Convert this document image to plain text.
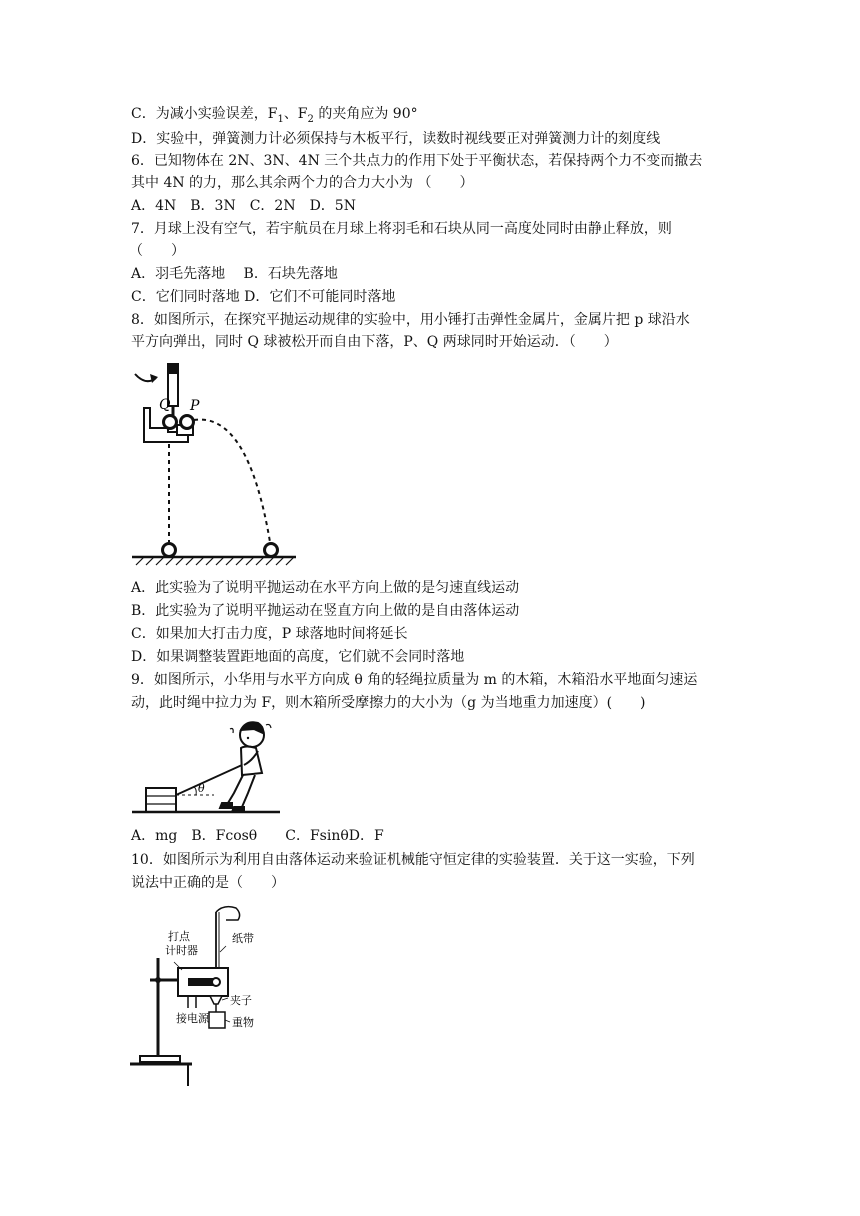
C．为减小实验误差，$F_1$、$F_2$ 的夹角应为 90°
D．实验中，弹簧测力计必须保持与木板平行，读数时视线要正对弹簧测力计的刻度线
6．已知物体在 2N、3N、4N 三个共点力的作用下处于平衡状态，若保持两个力不变而撤去
其中 4N 的力，那么其余两个力的合力大小为 （　　）
A．4N　B．3N　C．2N　D．5N
7．月球上没有空气，若宇航员在月球上将羽毛和石块从同一高度处同时由静止释放，则
（　　）
A．羽毛先落地　 B．石块先落地
C．它们同时落地 D．它们不可能同时落地
8．如图所示，在探究平抛运动规律的实验中，用小锤打击弹性金属片，金属片把 p 球沿水
平方向弹出，同时 Q 球被松开而自由下落，P、Q 两球同时开始运动．（　　）
Q P
A．此实验为了说明平抛运动在水平方向上做的是匀速直线运动
B．此实验为了说明平抛运动在竖直方向上做的是自由落体运动
C．如果加大打击力度，P 球落地时间将延长
D．如果调整装置距地面的高度，它们就不会同时落地
9．如图所示，小华用与水平方向成 θ 角的轻绳拉质量为 m 的木箱，木箱沿水平地面匀速运
动，此时绳中拉力为 F，则木箱所受摩擦力的大小为（g 为当地重力加速度）(　　)
θ
A．mg　B．Fcosθ　　C．FsinθD．F
10．如图所示为利用自由落体运动来验证机械能守恒定律的实验装置．关于这一实验，下列
说法中正确的是（　　）
打点
计时器
纸带
接电源
夹子
重物
